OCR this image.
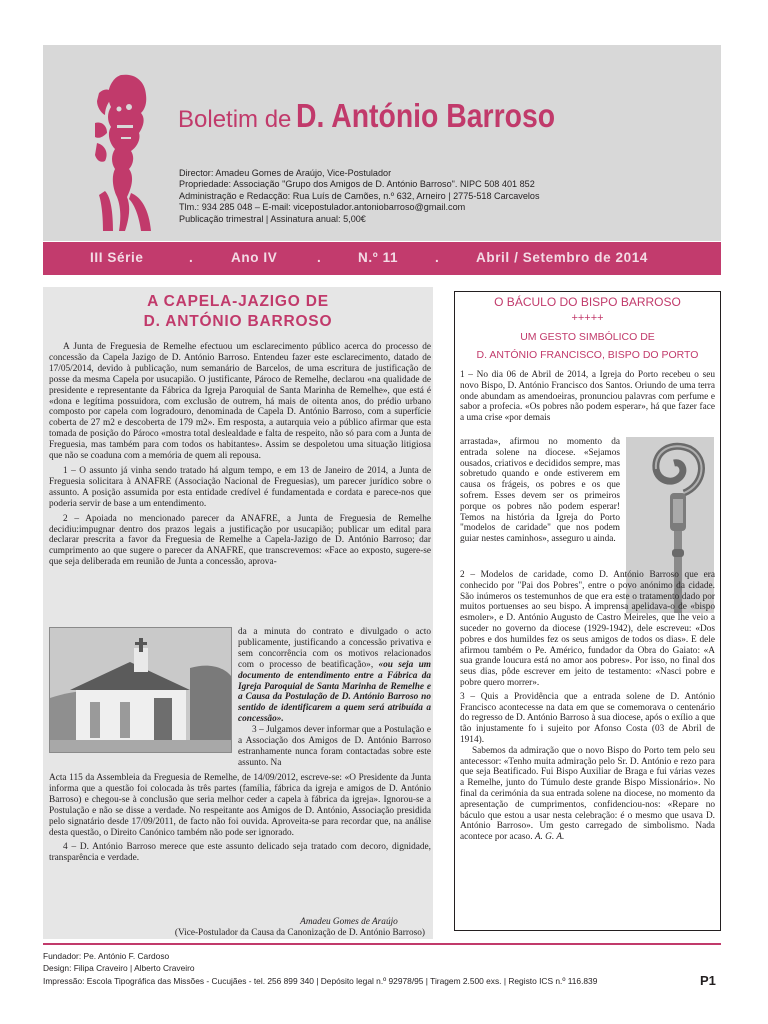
Boletim de D. António Barroso
Director: Amadeu Gomes de Araújo, Vice-Postulador
Propriedade: Associação "Grupo dos Amigos de D. António Barroso". NIPC 508 401 852
Administração e Redacção: Rua Luís de Camões, n.º 632, Arneiro | 2775-518 Carcavelos
Tlm.: 934 285 048 – E-mail: vicepostulador.antoniobarroso@gmail.com
Publicação trimestral | Assinatura anual: 5,00€
III Série	.	Ano IV	.	N.º 11	.	Abril / Setembro de 2014
A CAPELA-JAZIGO DE
D. ANTÓNIO BARROSO

A Junta de Freguesia de Remelhe efectuou um esclarecimento público acerca do processo de concessão da Capela Jazigo de D. António Barroso. Entendeu fazer este esclarecimento, datado de 17/05/2014, devido à publicação, num semanário de Barcelos, de uma escritura de justificação de posse da mesma Capela por usucapião. O justificante, Pároco de Remelhe, declarou «na qualidade de presidente e representante da Fábrica da Igreja Paroquial de Santa Marinha de Remelhe», que está é «dona e legítima possuidora, com exclusão de outrem, há mais de oitenta anos, do prédio urbano composto por capela com logradouro, denominada de Capela D. António Barroso, com a superfície coberta de 27 m2 e descoberta de 179 m2». Em resposta, a autarquia veio a público afirmar que esta tomada de posição do Pároco «mostra total deslealdade e falta de respeito, não só para com a Junta de Freguesia, mas também para com todos os habitantes». Assim se despoletou uma situação litigiosa que não se coaduna com a memória de quem ali repousa.

1 – O assunto já vinha sendo tratado há algum tempo, e em 13 de Janeiro de 2014, a Junta de Freguesia solicitara à ANAFRE (Associação Nacional de Freguesias), um parecer jurídico sobre o assunto. A posição assumida por esta entidade credível é fundamentada e cordata e parece-nos que poderia servir de base a um entendimento.

2 – Apoiada no mencionado parecer da ANAFRE, a Junta de Freguesia de Remelhe decidiu:impugnar dentro dos prazos legais a justificação por usucapião; publicar um edital para declarar prescrita a favor da Freguesia de Remelhe a Capela-Jazigo de D. António Barroso; dar cumprimento ao que sugere o parecer da ANAFRE, que transcrevemos: «Face ao exposto, sugere-se que seja deliberada em reunião de Junta a concessão, aprova-

da a minuta do contrato e divulgado o acto publicamente, justificando a concessão privativa e sem concorrência com os motivos relacionados com o processo de beatificação», «ou seja um documento de entendimento entre a Fábrica da Igreja Paroquial de Santa Marinha de Remelhe e a Causa da Postulação de D. António Barroso no sentido de identificarem a quem será atribuída a concessão».

3 – Julgamos dever informar que a Postulação e a Associação dos Amigos de D. António Barroso estranhamente nunca foram contactadas sobre este assunto. Na

Acta 115 da Assembleia da Freguesia de Remelhe, de 14/09/2012, escreve-se: «O Presidente da Junta informa que a questão foi colocada às três partes (família, fábrica da igreja e amigos de D. António Barroso) e chegou-se à conclusão que seria melhor ceder a capela à fábrica da igreja». Ignorou-se a Postulação e não se disse a verdade. No respeitante aos Amigos de D. António, Associação presidida pelo signatário desde 17/09/2011, de facto não foi ouvida. Aproveita-se para recordar que, na análise desta questão, o Direito Canónico também não pode ser ignorado.

4 – D. António Barroso merece que este assunto delicado seja tratado com decoro, dignidade, transparência e verdade.

Amadeu Gomes de Araújo
(Vice-Postulador da Causa da Canonização de D. António Barroso)
O BÁCULO DO BISPO BARROSO
+++++
UM GESTO SIMBÓLICO DE
D. ANTÓNIO FRANCISCO, BISPO DO PORTO

1 – No dia 06 de Abril de 2014, a Igreja do Porto recebeu o seu novo Bispo, D. António Francisco dos Santos. Oriundo de uma terra onde abundam as amendoeiras, pronunciou palavras com perfume e sabor a profecia. «Os pobres não podem esperar», há que fazer face a uma crise «por demais

arrastada», afirmou no momento da entrada solene na diocese. «Sejamos ousados, criativos e decididos sempre, mas sobretudo quando e onde estiverem em causa os frágeis, os pobres e os que sofrem. Esses devem ser os primeiros porque os pobres não podem esperar! Temos na história da Igreja do Porto "modelos de caridade" que nos podem guiar nestes caminhos», asseguro u ainda.

2 – Modelos de caridade, como D. António Barroso que era conhecido por "Pai dos Pobres", entre o povo anónimo da cidade. São inúmeros os testemunhos de que era este o tratamento dado por muitos portuenses ao seu bispo. A imprensa apelidava-o de «bispo esmoler», e D. António Augusto de Castro Meireles, que lhe veio a suceder no governo da diocese (1929-1942), dele escreveu: «Dos pobres e dos humildes fez os seus amigos de todos os dias». E dele afirmou também o Pe. Américo, fundador da Obra do Gaiato: «A sua grande loucura está no amor aos pobres». Por isso, no final dos seus dias, pôde escrever em jeito de testamento: «Nasci pobre e pobre quero morrer».

3 – Quis a Providência que a entrada solene de D. António Francisco acontecesse na data em que se comemorava o centenário do regresso de D. António Barroso à sua diocese, após o exílio a que tão injustamente fo i sujeito por Afonso Costa (03 de Abril de 1914).

Sabemos da admiração que o novo Bispo do Porto tem pelo seu antecessor: «Tenho muita admiração pelo Sr. D. António e rezo para que seja Beatificado. Fui Bispo Auxiliar de Braga e fui várias vezes a Remelhe, junto do Túmulo deste grande Bispo Missionário». No final da cerimónia da sua entrada solene na diocese, no momento da apresentação de cumprimentos, confidenciou-nos: «Repare no báculo que estou a usar nesta celebração: é o mesmo que usava D. António Barroso». Um gesto carregado de simbolismo. Nada acontece por acaso. A. G. A.

Fundador: Pe. António F. Cardoso
Design: Filipa Craveiro | Alberto Craveiro
Impressão: Escola Tipográfica das Missões - Cucujães - tel. 256 899 340 | Depósito legal n.º 92978/95 | Tiragem 2.500 exs. | Registo ICS n.º 116.839	P1
